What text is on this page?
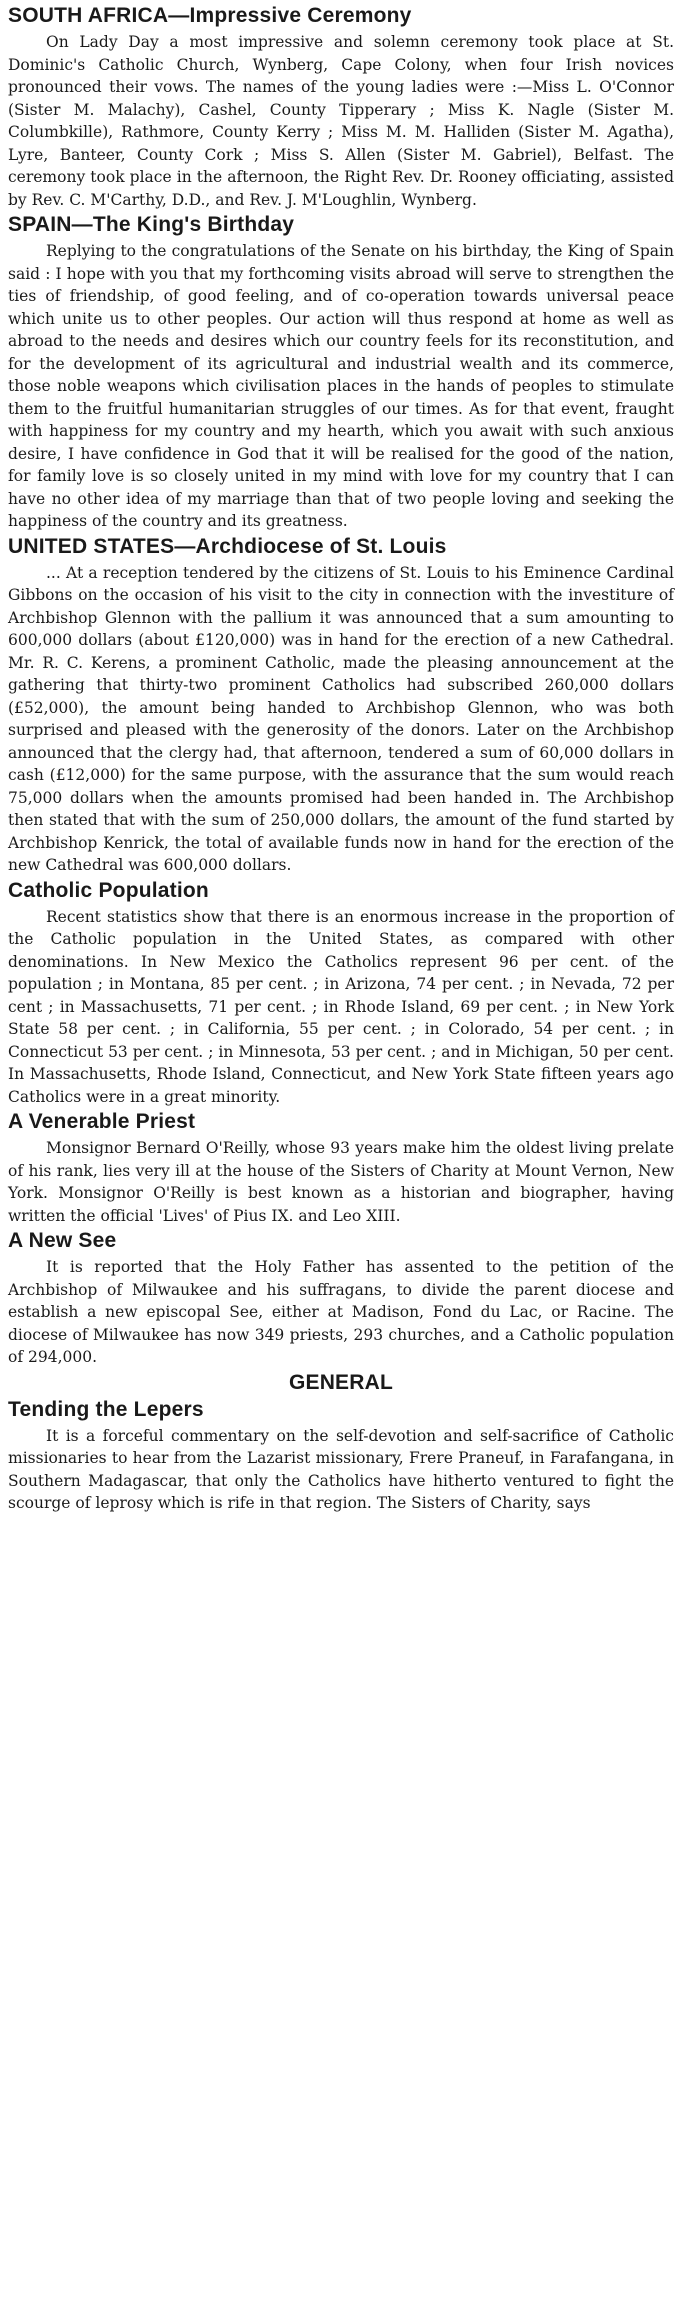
SOUTH AFRICA—Impressive Ceremony

On Lady Day a most impressive and solemn ceremony took place at St. Dominic's Catholic Church, Wynberg, Cape Colony, when four Irish novices pronounced their vows. The names of the young ladies were :—Miss L. O'Connor (Sister M. Malachy), Cashel, County Tipperary ; Miss K. Nagle (Sister M. Columbkille), Rathmore, County Kerry ; Miss M. M. Halliden (Sister M. Agatha), Lyre, Banteer, County Cork ; Miss S. Allen (Sister M. Gabriel), Belfast. The ceremony took place in the afternoon, the Right Rev. Dr. Rooney officiating, assisted by Rev. C. M'Carthy, D.D., and Rev. J. M'Loughlin, Wynberg.

SPAIN—The King's Birthday

Replying to the congratulations of the Senate on his birthday, the King of Spain said : I hope with you that my forthcoming visits abroad will serve to strengthen the ties of friendship, of good feeling, and of co-operation towards universal peace which unite us to other peoples. Our action will thus respond at home as well as abroad to the needs and desires which our country feels for its reconstitution, and for the development of its agricultural and industrial wealth and its commerce, those noble weapons which civilisation places in the hands of peoples to stimulate them to the fruitful humanitarian struggles of our times. As for that event, fraught with happiness for my country and my hearth, which you await with such anxious desire, I have confidence in God that it will be realised for the good of the nation, for family love is so closely united in my mind with love for my country that I can have no other idea of my marriage than that of two people loving and seeking the happiness of the country and its greatness.

UNITED STATES—Archdiocese of St. Louis

... At a reception tendered by the citizens of St. Louis to his Eminence Cardinal Gibbons on the occasion of his visit to the city in connection with the investiture of Archbishop Glennon with the pallium it was announced that a sum amounting to 600,000 dollars (about £120,000) was in hand for the erection of a new Cathedral. Mr. R. C. Kerens, a prominent Catholic, made the pleasing announcement at the gathering that thirty-two prominent Catholics had subscribed 260,000 dollars (£52,000), the amount being handed to Archbishop Glennon, who was both surprised and pleased with the generosity of the donors. Later on the Archbishop announced that the clergy had, that afternoon, tendered a sum of 60,000 dollars in cash (£12,000) for the same purpose, with the assurance that the sum would reach 75,000 dollars when the amounts promised had been handed in. The Archbishop then stated that with the sum of 250,000 dollars, the amount of the fund started by Archbishop Kenrick, the total of available funds now in hand for the erection of the new Cathedral was 600,000 dollars.

Catholic Population

Recent statistics show that there is an enormous increase in the proportion of the Catholic population in the United States, as compared with other denominations. In New Mexico the Catholics represent 96 per cent. of the population ; in Montana, 85 per cent. ; in Arizona, 74 per cent. ; in Nevada, 72 per cent ; in Massachusetts, 71 per cent. ; in Rhode Island, 69 per cent. ; in New York State 58 per cent. ; in California, 55 per cent. ; in Colorado, 54 per cent. ; in Connecticut 53 per cent. ; in Minnesota, 53 per cent. ; and in Michigan, 50 per cent. In Massachusetts, Rhode Island, Connecticut, and New York State fifteen years ago Catholics were in a great minority.

A Venerable Priest

Monsignor Bernard O'Reilly, whose 93 years make him the oldest living prelate of his rank, lies very ill at the house of the Sisters of Charity at Mount Vernon, New York. Monsignor O'Reilly is best known as a historian and biographer, having written the official 'Lives' of Pius IX. and Leo XIII.

A New See

It is reported that the Holy Father has assented to the petition of the Archbishop of Milwaukee and his suffragans, to divide the parent diocese and establish a new episcopal See, either at Madison, Fond du Lac, or Racine. The diocese of Milwaukee has now 349 priests, 293 churches, and a Catholic population of 294,000.

GENERAL
Tending the Lepers

It is a forceful commentary on the self-devotion and self-sacrifice of Catholic missionaries to hear from the Lazarist missionary, Frere Praneuf, in Farafangana, in Southern Madagascar, that only the Catholics have hitherto ventured to fight the scourge of leprosy which is rife in that region. The Sisters of Charity, says
